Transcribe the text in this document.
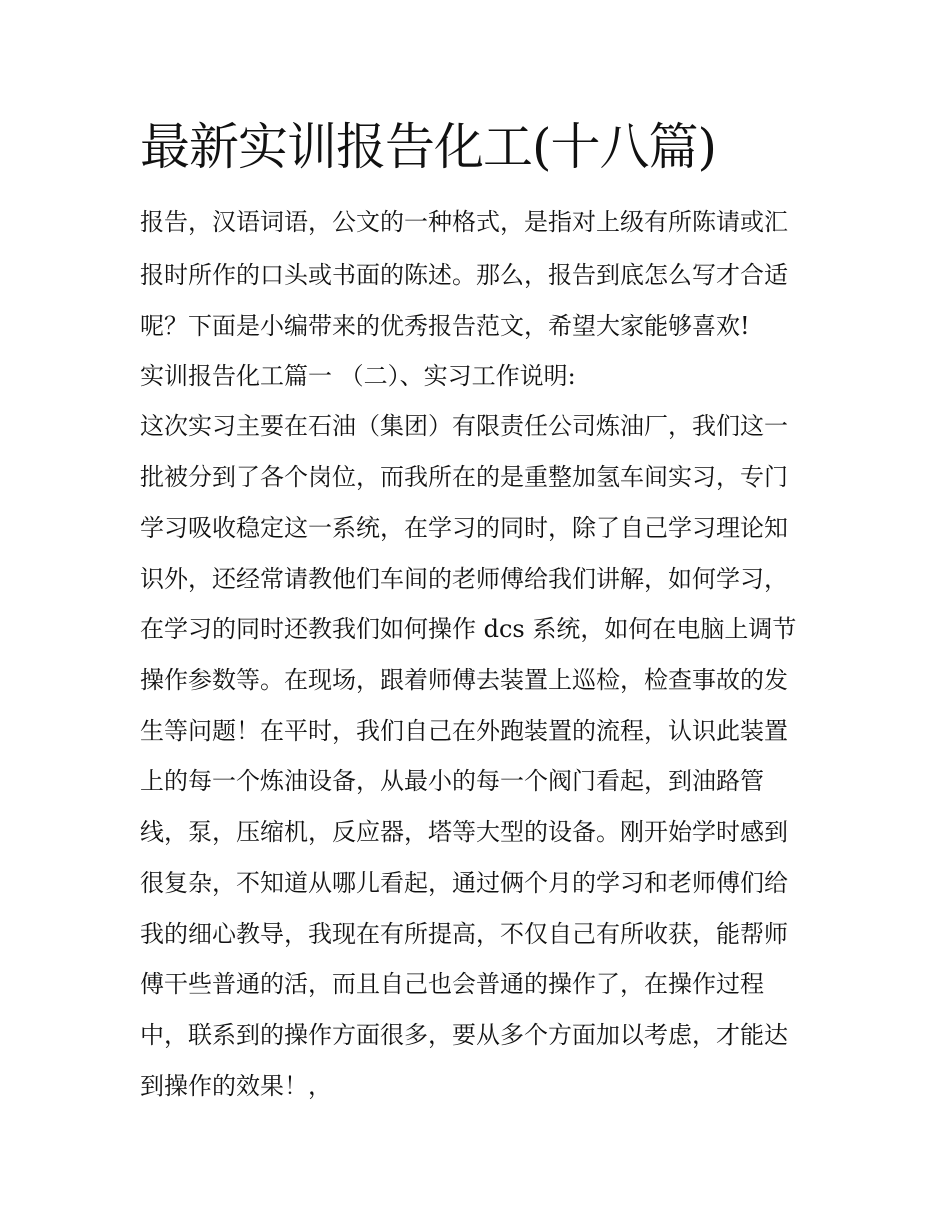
最新实训报告化工(十八篇)

报告，汉语词语，公文的一种格式，是指对上级有所陈请或汇

报时所作的口头或书面的陈述。那么，报告到底怎么写才合适

呢？下面是小编带来的优秀报告范文，希望大家能够喜欢!

实训报告化工篇一 （二）、实习工作说明:

这次实习主要在石油（集团）有限责任公司炼油厂，我们这一

批被分到了各个岗位，而我所在的是重整加氢车间实习，专门

学习吸收稳定这一系统，在学习的同时，除了自己学习理论知

识外，还经常请教他们车间的老师傅给我们讲解，如何学习，

在学习的同时还教我们如何操作 dcs 系统，如何在电脑上调节

操作参数等。在现场，跟着师傅去装置上巡检，检查事故的发

生等问题！在平时，我们自己在外跑装置的流程，认识此装置

上的每一个炼油设备，从最小的每一个阀门看起，到油路管

线，泵，压缩机，反应器，塔等大型的设备。刚开始学时感到

很复杂，不知道从哪儿看起，通过俩个月的学习和老师傅们给

我的细心教导，我现在有所提高，不仅自己有所收获，能帮师

傅干些普通的活，而且自己也会普通的操作了，在操作过程

中，联系到的操作方面很多，要从多个方面加以考虑，才能达

到操作的效果！，
